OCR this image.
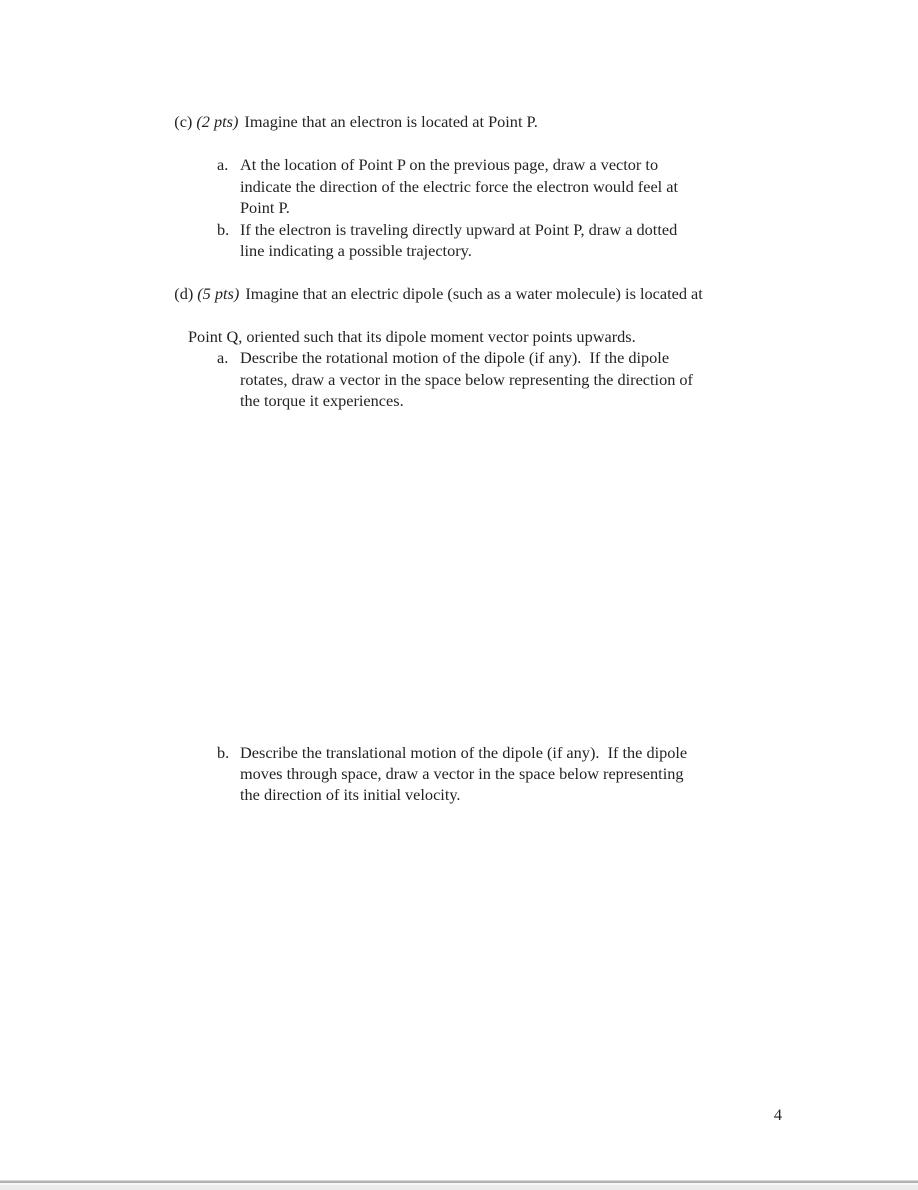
(c) (2 pts) Imagine that an electron is located at Point P.

a. At the location of Point P on the previous page, draw a vector to
indicate the direction of the electric force the electron would feel at
Point P.
b. If the electron is traveling directly upward at Point P, draw a dotted
line indicating a possible trajectory.

(d) (5 pts) Imagine that an electric dipole (such as a water molecule) is located at

Point Q, oriented such that its dipole moment vector points upwards.
a. Describe the rotational motion of the dipole (if any).  If the dipole
rotates, draw a vector in the space below representing the direction of
the torque it experiences.
b. Describe the translational motion of the dipole (if any).  If the dipole
moves through space, draw a vector in the space below representing
the direction of its initial velocity.
4
